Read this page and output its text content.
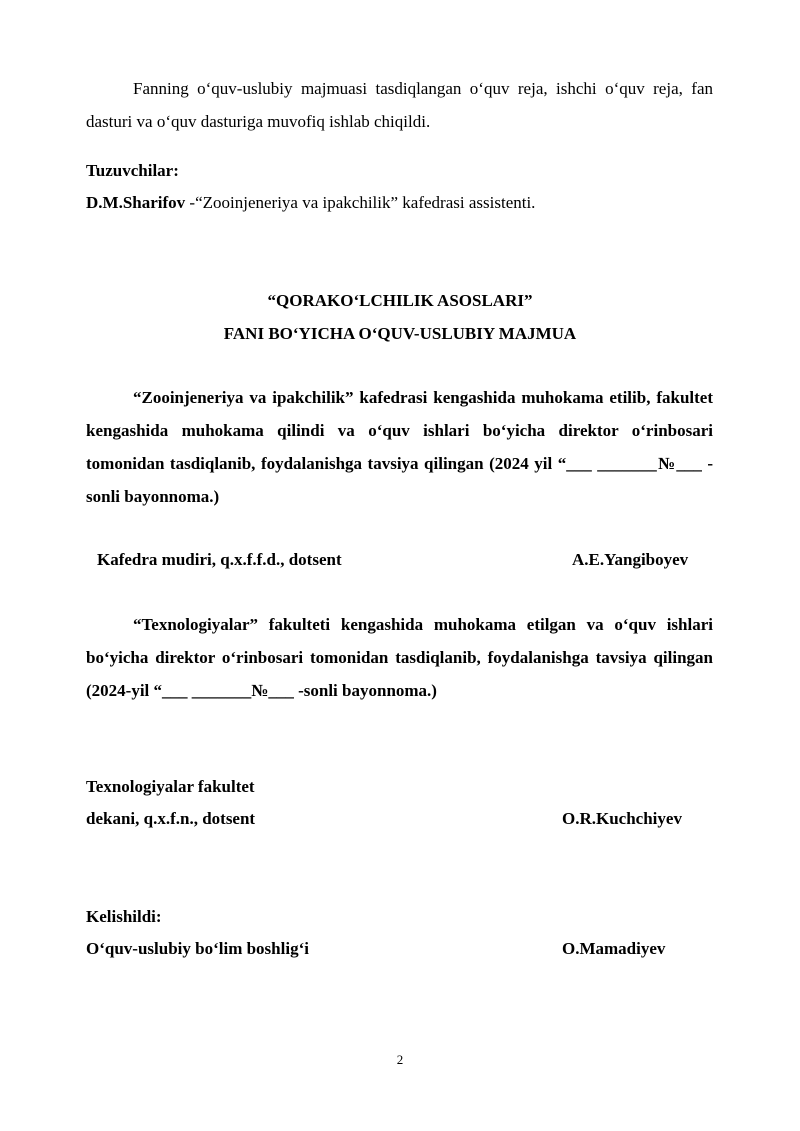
Fanning o‘quv-uslubiy majmuasi tasdiqlangan o‘quv reja, ishchi o‘quv reja, fan dasturi va o‘quv dasturiga muvofiq ishlab chiqildi.

Tuzuvchilar:

D.M.Sharifov -“Zooinjeneriya va ipakchilik” kafedrasi assistenti.

“QORAKO‘LCHILIK ASOSLARI”

FANI BO‘YICHA O‘QUV-USLUBIY MAJMUA

“Zooinjeneriya va ipakchilik” kafedrasi kengashida muhokama etilib, fakultet kengashida muhokama qilindi va o‘quv ishlari bo‘yicha direktor o‘rinbosari tomonidan tasdiqlanib, foydalanishga tavsiya qilingan (2024 yil “___ _______№___ -sonli bayonnoma.)

Kafedra mudiri, q.x.f.f.d., dotsent	A.E.Yangiboyev

“Texnologiyalar” fakulteti kengashida muhokama etilgan va o‘quv ishlari bo‘yicha direktor o‘rinbosari tomonidan tasdiqlanib, foydalanishga tavsiya qilingan (2024-yil “___ _______№___ -sonli bayonnoma.)

Texnologiyalar fakultet

dekani, q.x.f.n., dotsent	O.R.Kuchchiyev

Kelishildi:

O‘quv-uslubiy bo‘lim boshlig‘i	O.Mamadiyev
2
